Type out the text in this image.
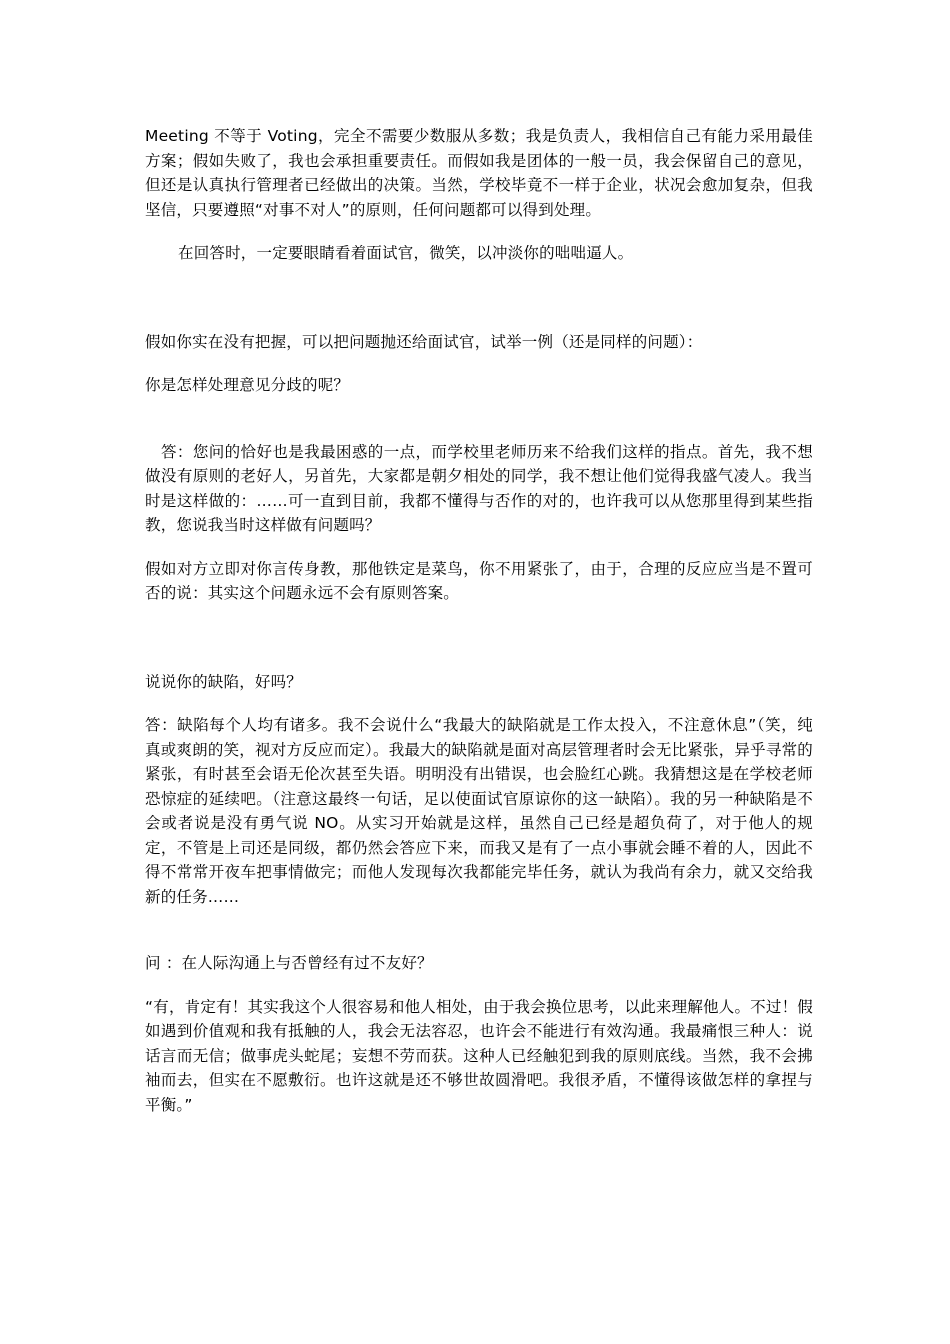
Meeting 不等于 Voting，完全不需要少数服从多数；我是负责人，我相信自己有能力采用最佳方案；假如失败了，我也会承担重要责任。而假如我是团体的一般一员，我会保留自己的意见，但还是认真执行管理者已经做出的决策。当然，学校毕竟不一样于企业，状况会愈加复杂，但我坚信，只要遵照“对事不对人”的原则，任何问题都可以得到处理。

在回答时，一定要眼睛看着面试官，微笑，以冲淡你的咄咄逼人。

假如你实在没有把握，可以把问题抛还给面试官，试举一例（还是同样的问题）：

你是怎样处理意见分歧的呢？

答：您问的恰好也是我最困惑的一点，而学校里老师历来不给我们这样的指点。首先，我不想做没有原则的老好人，另首先，大家都是朝夕相处的同学，我不想让他们觉得我盛气凌人。我当时是这样做的：……可一直到目前，我都不懂得与否作的对的，也许我可以从您那里得到某些指教，您说我当时这样做有问题吗？

假如对方立即对你言传身教，那他铁定是菜鸟，你不用紧张了，由于，合理的反应应当是不置可否的说：其实这个问题永远不会有原则答案。

说说你的缺陷，好吗？

答：缺陷每个人均有诸多。我不会说什么“我最大的缺陷就是工作太投入，不注意休息”（笑，纯真或爽朗的笑，视对方反应而定）。我最大的缺陷就是面对高层管理者时会无比紧张，异乎寻常的紧张，有时甚至会语无伦次甚至失语。明明没有出错误，也会脸红心跳。我猜想这是在学校老师恐惊症的延续吧。（注意这最终一句话，足以使面试官原谅你的这一缺陷）。我的另一种缺陷是不会或者说是没有勇气说 NO。从实习开始就是这样，虽然自己已经是超负荷了，对于他人的规定，不管是上司还是同级，都仍然会答应下来，而我又是有了一点小事就会睡不着的人，因此不得不常常开夜车把事情做完；而他人发现每次我都能完毕任务，就认为我尚有余力，就又交给我新的任务……

问 ：在人际沟通上与否曾经有过不友好？

“有，肯定有！其实我这个人很容易和他人相处，由于我会换位思考，以此来理解他人。不过！假如遇到价值观和我有抵触的人，我会无法容忍，也许会不能进行有效沟通。我最痛恨三种人：说话言而无信；做事虎头蛇尾；妄想不劳而获。这种人已经触犯到我的原则底线。当然，我不会拂袖而去，但实在不愿敷衍。也许这就是还不够世故圆滑吧。我很矛盾，不懂得该做怎样的拿捏与平衡。”
